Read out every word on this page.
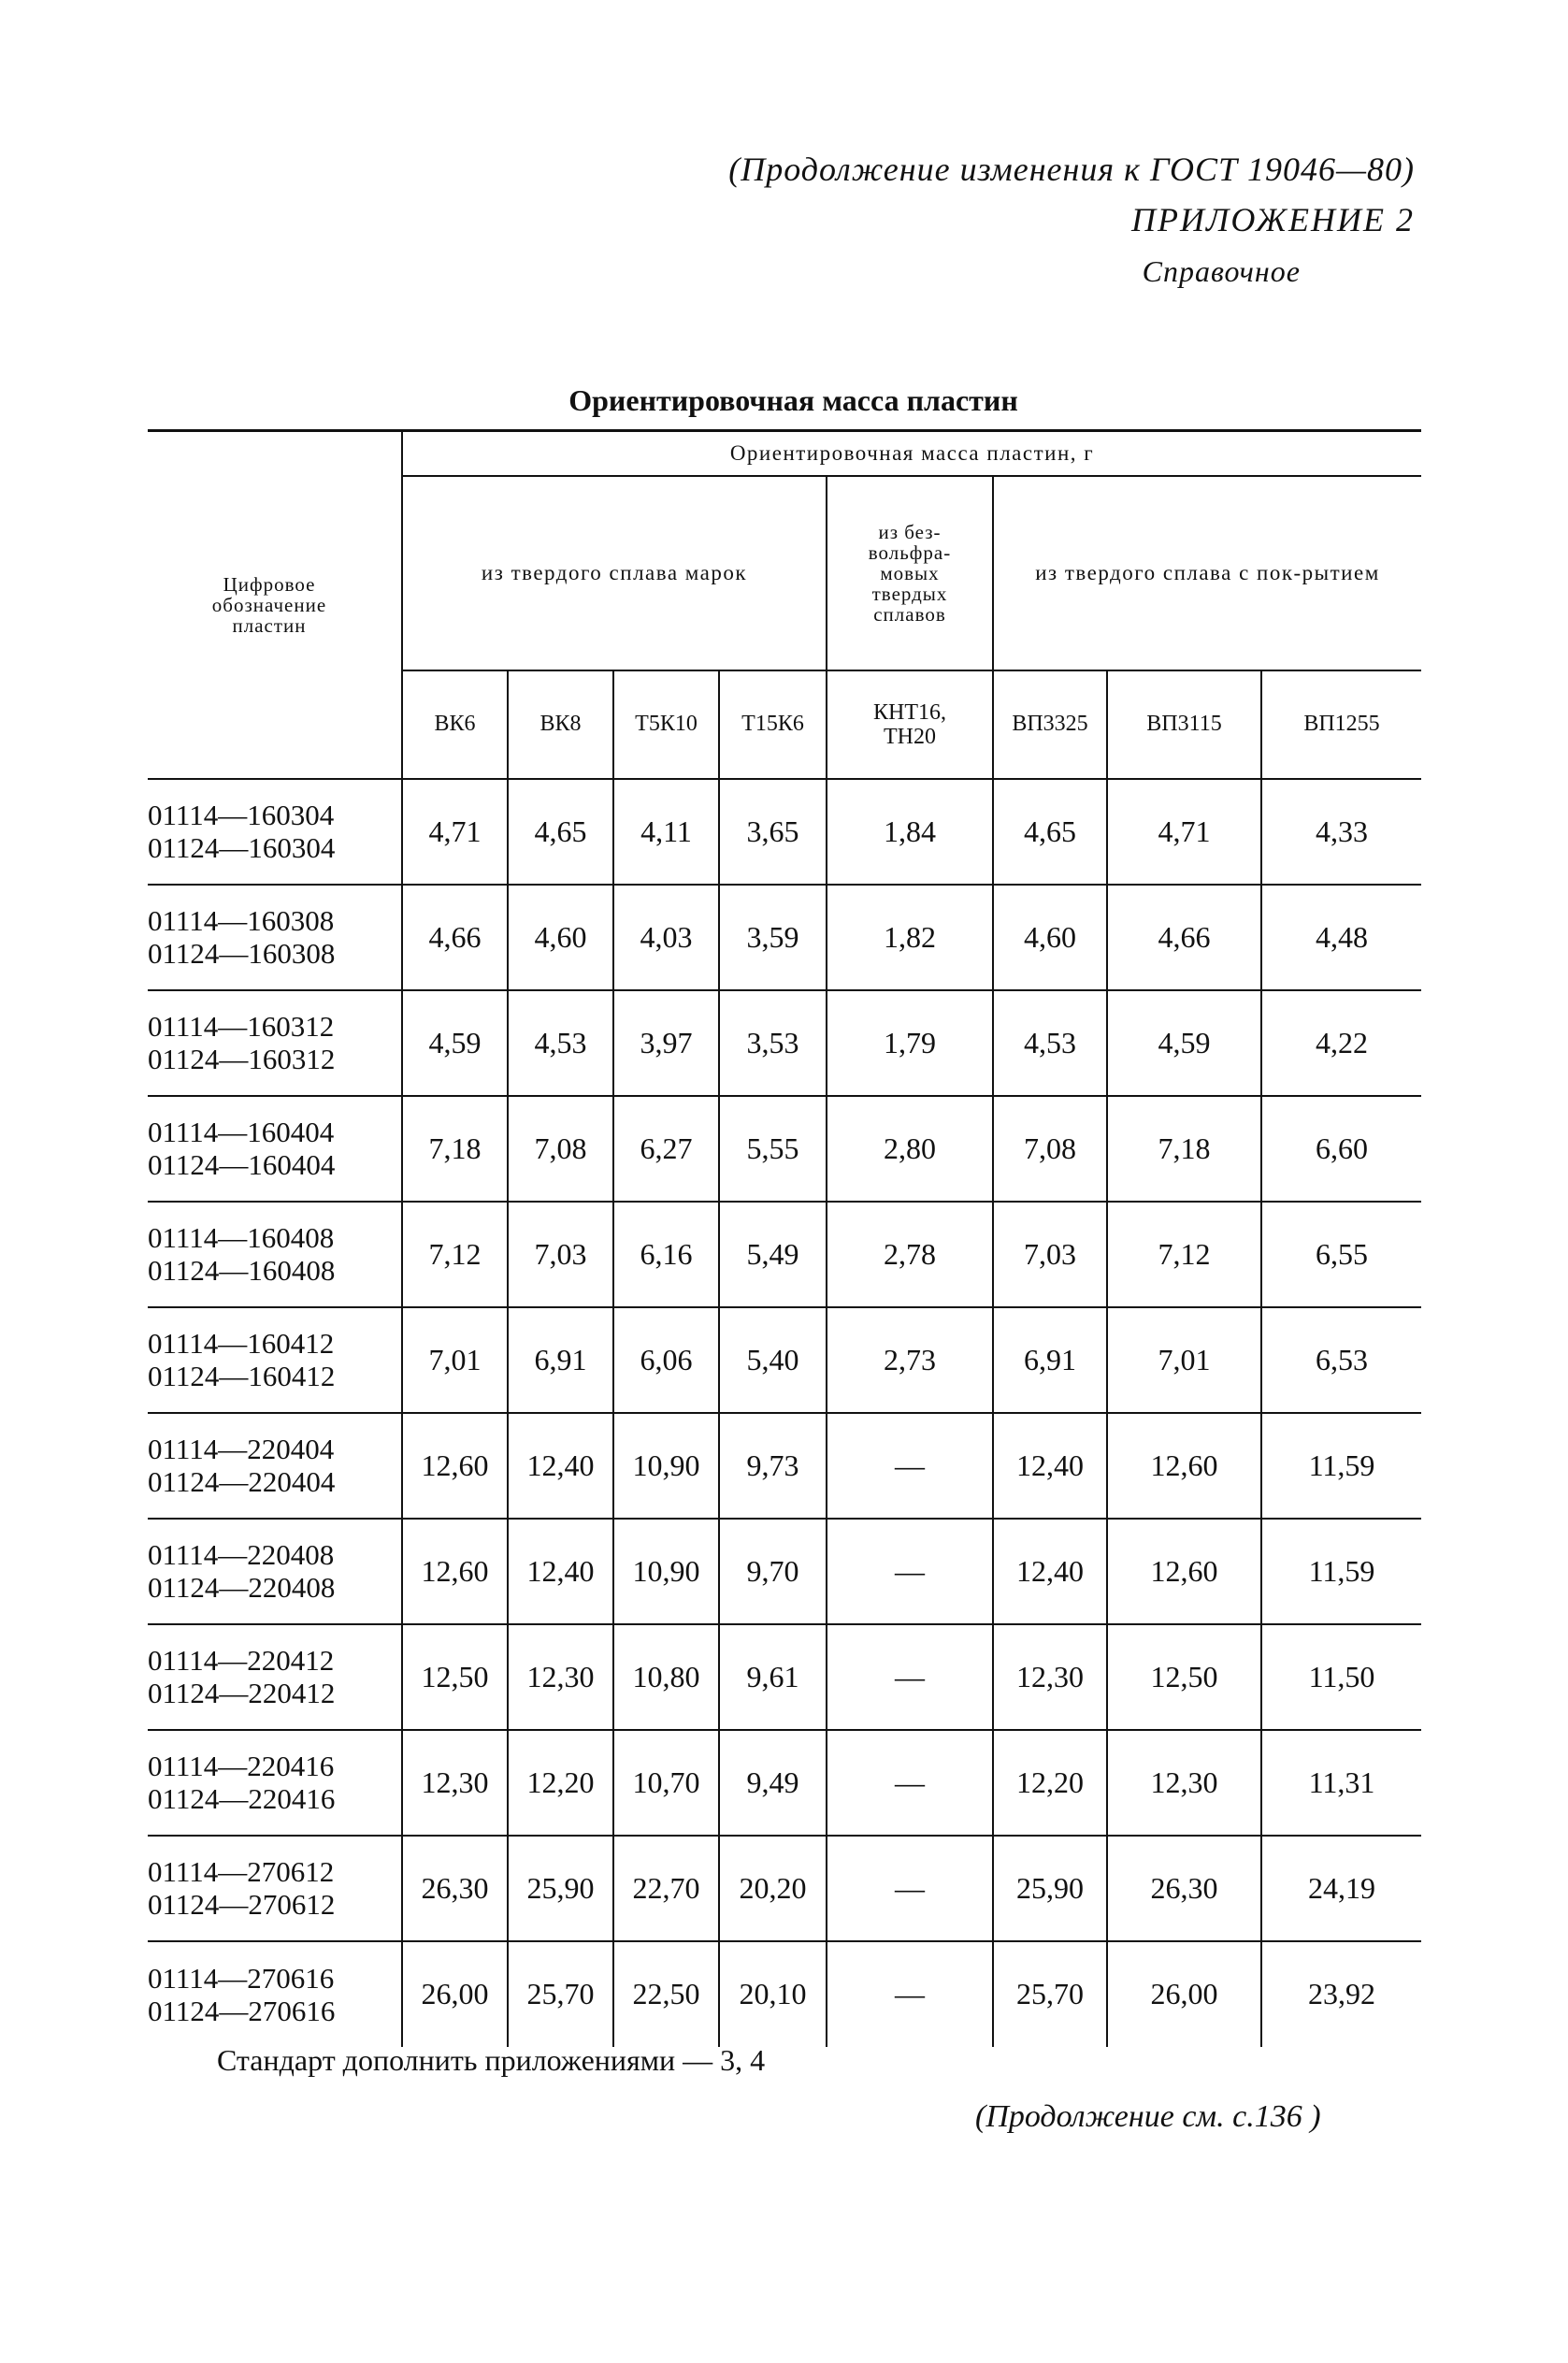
(Продолжение изменения к ГОСТ 19046—80)
ПРИЛОЖЕНИЕ 2
Справочное
Ориентировочная масса пластин
Цифровое обозначение пластин	Ориентировочная масса пластин, г							
	из твердого сплава марок				из без-вольфра-мовых твердых сплавов	из твердого сплава с пок-рытием		

	ВК6	ВК8	Т5К10	Т15К6	КНТ16, ТН20	ВП3325	ВП3115	ВП1255

01114—160304
01124—160304	4,71	4,65	4,11	3,65	1,84	4,65	4,71	4,33

01114—160308
01124—160308	4,66	4,60	4,03	3,59	1,82	4,60	4,66	4,48

01114—160312
01124—160312	4,59	4,53	3,97	3,53	1,79	4,53	4,59	4,22

01114—160404
01124—160404	7,18	7,08	6,27	5,55	2,80	7,08	7,18	6,60

01114—160408
01124—160408	7,12	7,03	6,16	5,49	2,78	7,03	7,12	6,55

01114—160412
01124—160412	7,01	6,91	6,06	5,40	2,73	6,91	7,01	6,53

01114—220404
01124—220404	12,60	12,40	10,90	9,73	—	12,40	12,60	11,59

01114—220408
01124—220408	12,60	12,40	10,90	9,70	—	12,40	12,60	11,59

01114—220412
01124—220412	12,50	12,30	10,80	9,61	—	12,30	12,50	11,50

01114—220416
01124—220416	12,30	12,20	10,70	9,49	—	12,20	12,30	11,31

01114—270612
01124—270612	26,30	25,90	22,70	20,20	—	25,90	26,30	24,19

01114—270616
01124—270616	26,00	25,70	22,50	20,10	—	25,70	26,00	23,92
Стандарт дополнить приложениями — 3, 4
(Продолжение см. с.136 )
